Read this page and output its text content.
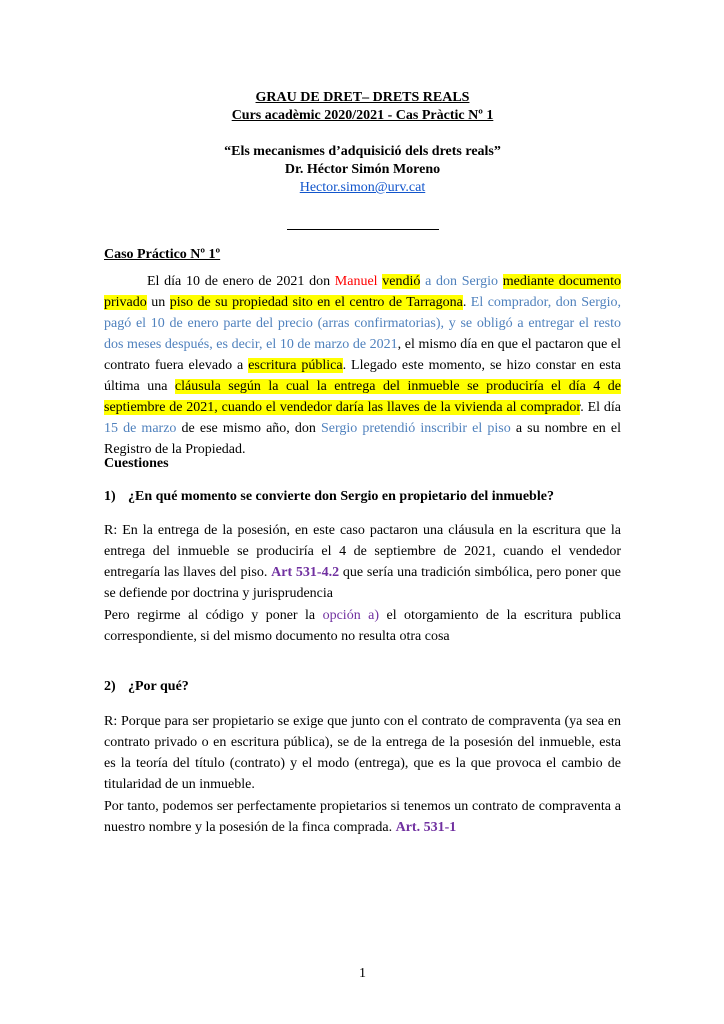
GRAU DE DRET– DRETS REALS
Curs acadèmic 2020/2021 - Cas Pràctic Nº 1
“Els mecanismes d’adquisició dels drets reals”
Dr. Héctor Simón Moreno
Hector.simon@urv.cat
Caso Práctico Nº 1º
El día 10 de enero de 2021 don Manuel vendió a don Sergio mediante documento privado un piso de su propiedad sito en el centro de Tarragona. El comprador, don Sergio, pagó el 10 de enero parte del precio (arras confirmatorias), y se obligó a entregar el resto dos meses después, es decir, el 10 de marzo de 2021, el mismo día en que el pactaron que el contrato fuera elevado a escritura pública. Llegado este momento, se hizo constar en esta última una cláusula según la cual la entrega del inmueble se produciría el día 4 de septiembre de 2021, cuando el vendedor daría las llaves de la vivienda al comprador. El día 15 de marzo de ese mismo año, don Sergio pretendió inscribir el piso a su nombre en el Registro de la Propiedad.
Cuestiones
1) ¿En qué momento se convierte don Sergio en propietario del inmueble?
R: En la entrega de la posesión, en este caso pactaron una cláusula en la escritura que la entrega del inmueble se produciría el 4 de septiembre de 2021, cuando el vendedor entregaría las llaves del piso. Art 531-4.2 que sería una tradición simbólica, pero poner que se defiende por doctrina y jurisprudencia
Pero regirme al código y poner la opción a) el otorgamiento de la escritura publica correspondiente, si del mismo documento no resulta otra cosa
2) ¿Por qué?
R: Porque para ser propietario se exige que junto con el contrato de compraventa (ya sea en contrato privado o en escritura pública), se de la entrega de la posesión del inmueble, esta es la teoría del título (contrato) y el modo (entrega), que es la que provoca el cambio de titularidad de un inmueble.
Por tanto, podemos ser perfectamente propietarios si tenemos un contrato de compraventa a nuestro nombre y la posesión de la finca comprada. Art. 531-1
1
